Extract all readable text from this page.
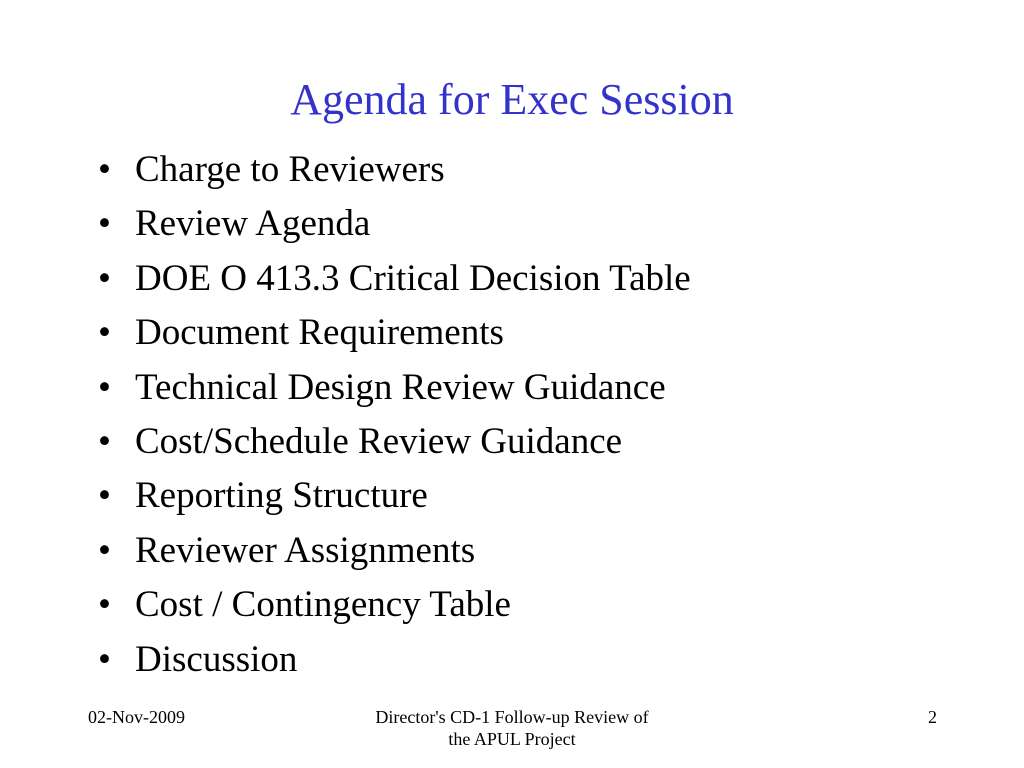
Agenda for Exec Session
• Charge to Reviewers
• Review Agenda
• DOE O 413.3 Critical Decision Table
• Document Requirements
• Technical Design Review Guidance
• Cost/Schedule Review Guidance
• Reporting Structure
• Reviewer Assignments
• Cost / Contingency Table
• Discussion
02-Nov-2009	Director's CD-1 Follow-up Review of
the APUL Project
2
